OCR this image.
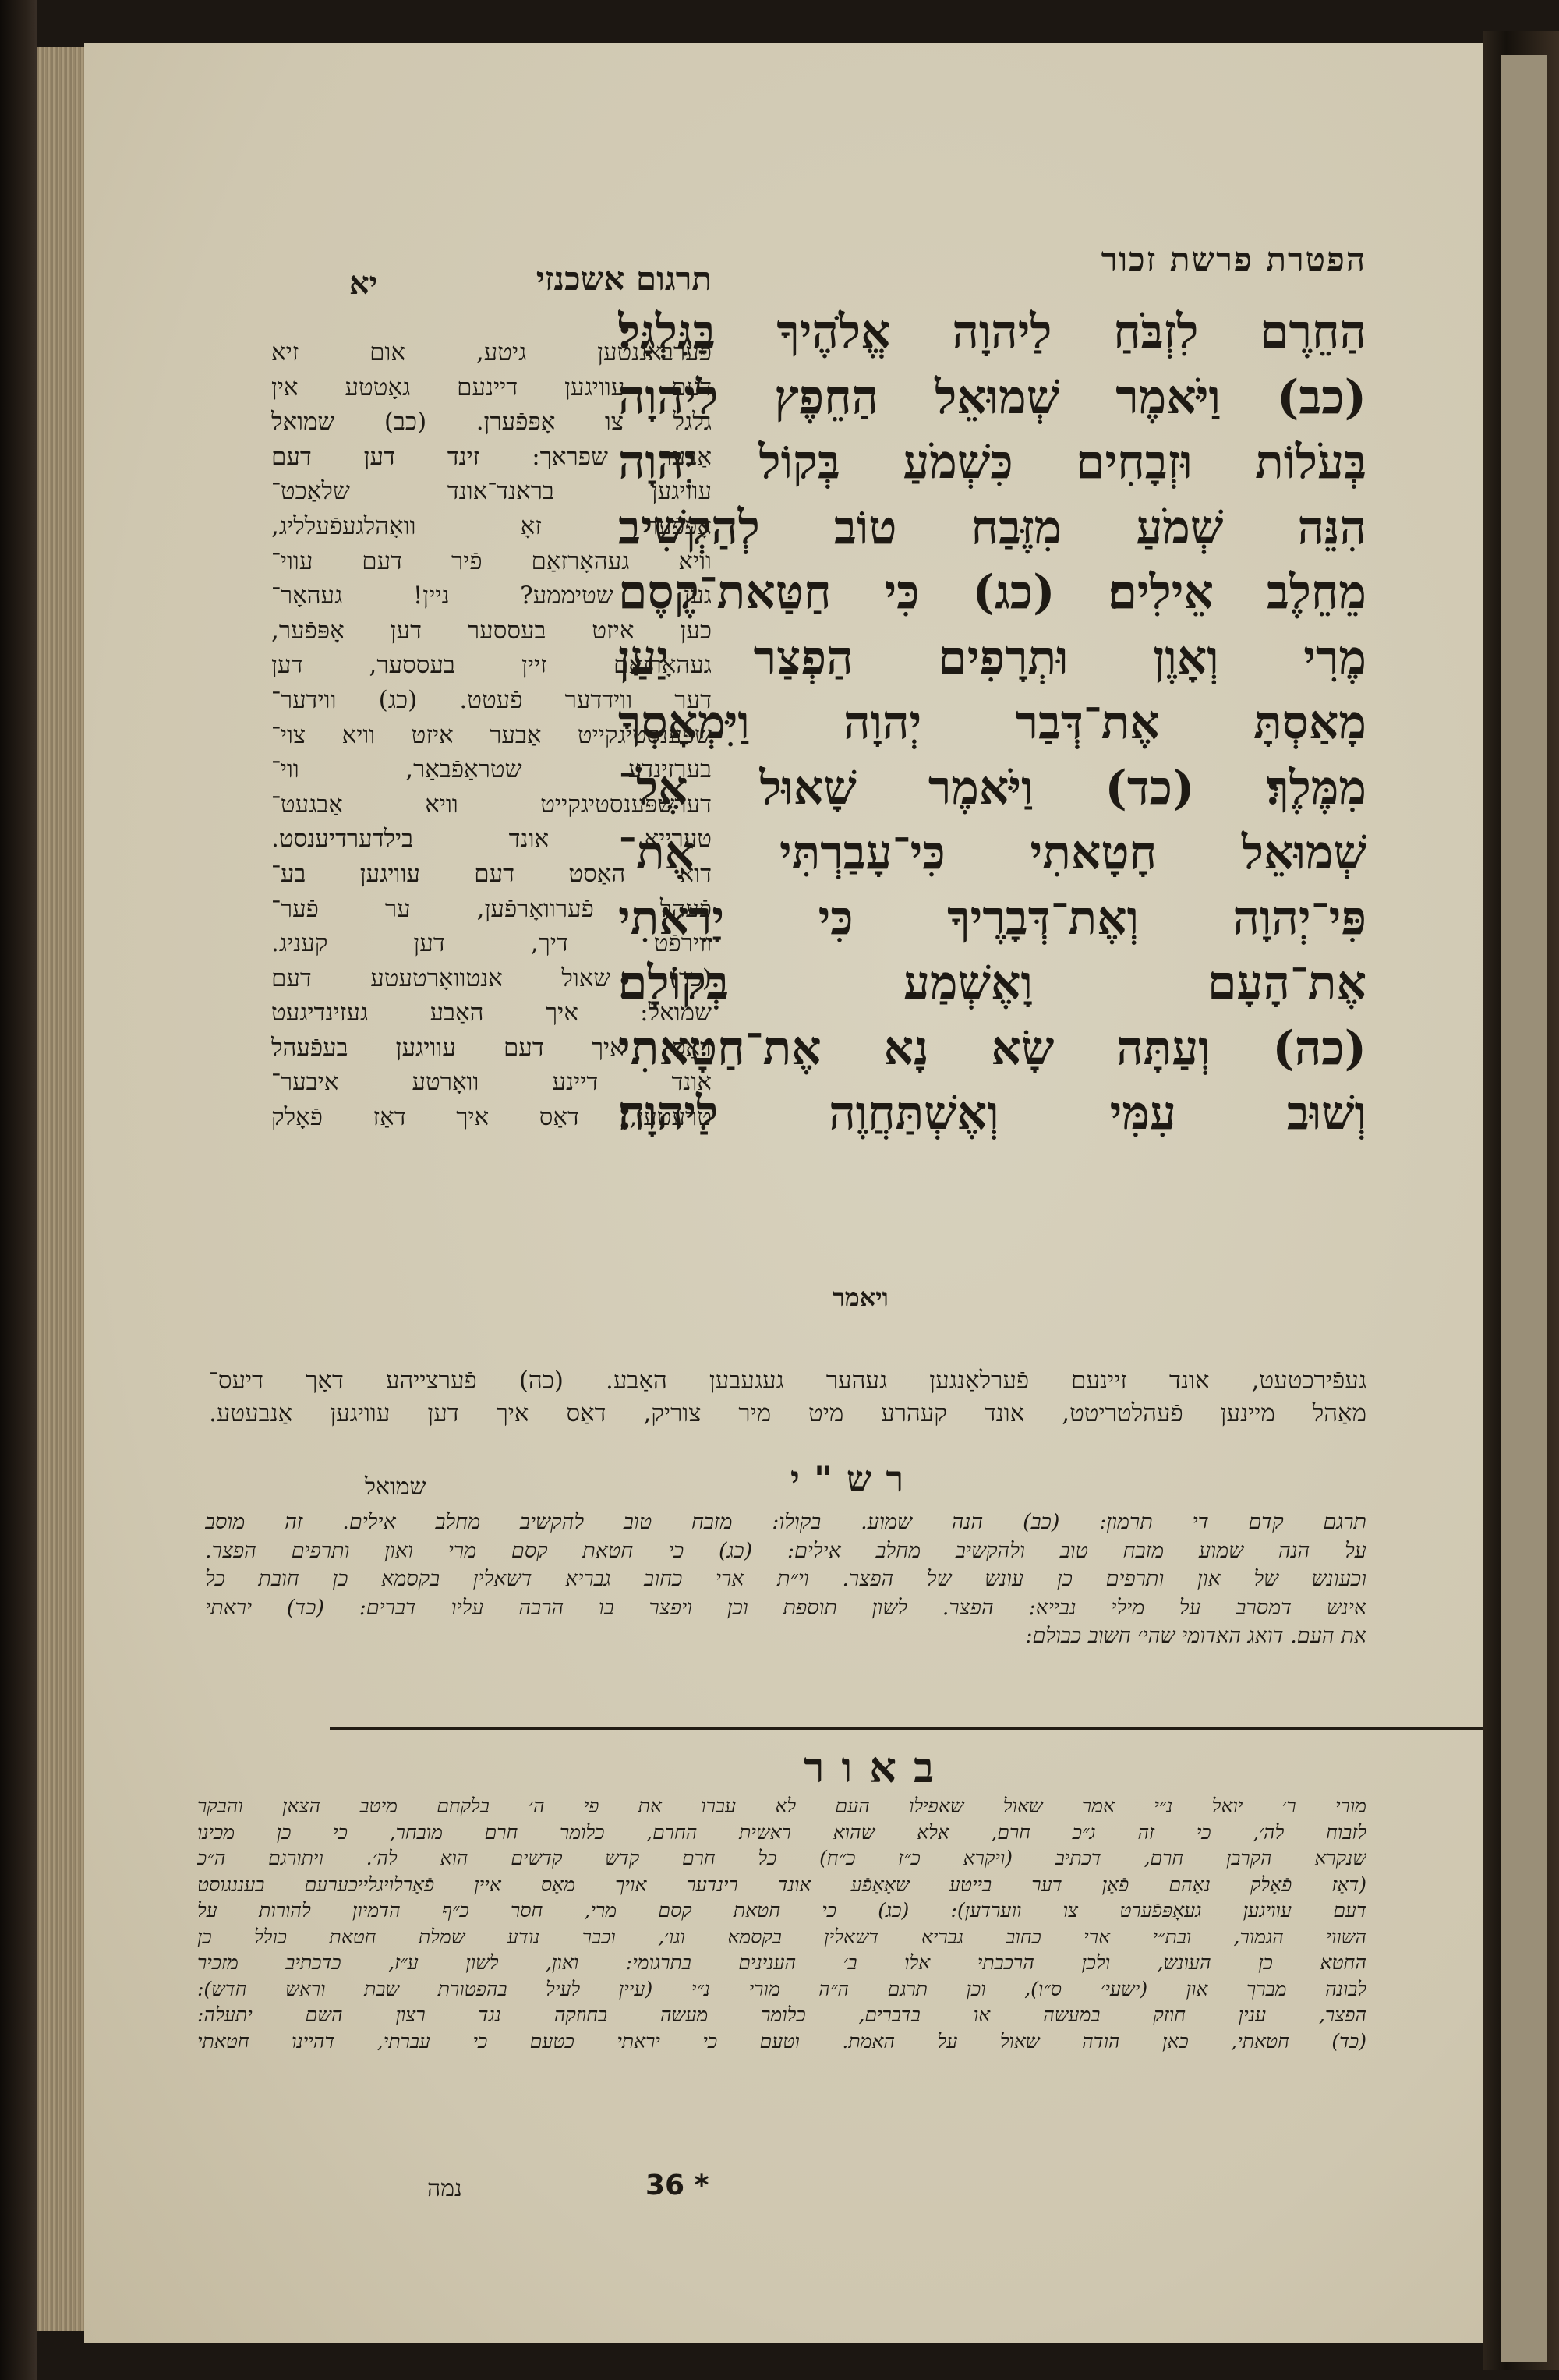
הפטרת פרשת זכור
תרגום אשכנזי
יא
הַחֵרֶם לִזְבֹּחַ לַיהוָה אֱלֹהֶיךָ בַּגִּלְגָּל׃
(כב) וַיֹּאמֶר שְׁמוּאֵל הַחֵפֶץ לַיהוָה
בְּעֹלוֹת וּזְבָחִים כִּשְׁמֹעַ בְּקוֹל יְהוָה
הִנֵּה שְׁמֹעַ מִזֶּבַח טוֹב לְהַקְשִׁיב
מֵחֵלֶב אֵילִים׃ (כג) כִּי חַטַּאת־קֶסֶם
מֶרִי וְאָוֶן וּתְרָפִים הַפְצַר יַעַן
מָאַסְתָּ אֶת־דְּבַר יְהוָה וַיִּמְאָסְךָ
מִמֶּלֶךְ׃ (כד) וַיֹּאמֶר שָׁאוּל אֶל־
שְׁמוּאֵל חָטָאתִי כִּי־עָבַרְתִּי אֶת־
פִּי־יְהוָה וְאֶת־דְּבָרֶיךָ כִּי יָרֵאתִי
אֶת־הָעָם וָאֶשְׁמַע בְּקוֹלָם׃
(כה) וְעַתָּה שָׂא נָא אֶת־חַטָּאתִי
וְשׁוּב עִמִּי וְאֶשְׁתַּחֲוֶה לַיהוָה׃
ויאמר
פֿערבאננטען גיטע, אום זיא
דעם עוויגען דיינעם גאָטטע אין
גלגל צו אָפּפֿערן. (כב) שמואל
אַבער שפראך: זינד דען דעם
עוויגען בראנד־אונד שלאַכט־
אָפּפֿער זאָ וואָהלגעפֿעלליג,
וויא געהאָרזאַם פֿיר דעם עווי־
גען שטיממע? ניין! געהאָר־
כען איזט בעססער דען אָפּפֿער,
געהאָרזאַם זיין בעססער, דען
דער ווידדער פֿעטט. (כג) ווידער־
שפּענסטיגקייט אַבער איזט וויא צוי־
בערזינדע שטראַפֿבאַר, ווי־
דערשפּענסטיגקייט וויא אַבגעט־
טערייא אונד בילדערדיענסט.
דוא האַסט דעם עוויגען בע־
פֿעהל פֿערוואָרפֿען, ער פֿער־
ווירפֿט דיך, דען קעניג.
(כד) שאול אנטוואָרטעטע דעם
שמואל: איך האַבע געזינדיגעט
דאַס איך דעם עוויגען בעפֿעהל
אונד דיינע וואָרטע איבער־
טרעטען, דאַס איך דאַז פֿאָלק
געפֿירכטעט, אונד זיינעם פֿערלאַנגען געהער געגעבען האַבע. (כה) פֿערצייהע דאָך דיעס־
מאַהל מיינען פֿעהלטריטט, אונד קעהרע מיט מיר צוריק, דאַס איך דען עוויגען אַנבעטע.
שמואל	רש"י
תרגם קדם די תרמון: (כב) הנה שמוע. בקולו: מזבח טוב להקשיב מחלב אילים. זה מוסב
על הנה שמוע מזבח טוב ולהקשיב מחלב אילים: (כג) כי חטאת קסם מרי ואון ותרפים הפצר.
וכעונש של און ותרפים כן עונש של הפצר. וי״ת ארי כחוב גבריא דשאלין בקסמא כן חובת כל
אינש דמסרב על מילי נבייא: הפצר. לשון תוספת וכן ויפצר בו הרבה עליו דברים: (כד) יראתי
את העם. דואג האדומי שהי׳ חשוב כבולם:
באור
מורי ר׳ יואל נ״י אמר שאול שאפילו העם לא עברו את פי ה׳ בלקחם מיטב הצאן והבקר
לזבוח לה׳, כי זה ג״כ חרם, אלא שהוא ראשית החרם, כלומר חרם מובחר, כי כן מכינו
שנקרא הקרבן חרם, דכתיב (ויקרא כ״ז כ״ח) כל חרם קדש קדשים הוא לה׳. ויתורגם ה״כ
(דאָז פֿאָלק נאַהם פֿאָן דער בייטע שאָאַפֿע אונד רינדער אויך מאָס איין פֿאָרלויגלייכערעם בעננגוסט
דעם עוויגען געאָפּפֿערט צו ווערדען): (כג) כי חטאת קסם מרי, חסר כ״ף הדמיון להורות על
השווי הגמור, ובת״י ארי כחוב גבריא דשאלין בקסמא וגו׳, וכבר נודע שמלת חטאת כולל כן
החטא כן העונש, ולכן הרכבתי אלו ב׳ הענינים בתרגומי: ואון, לשון ע״ז, כדכתיב מזכיר
לבונה מברך און (ישעי׳ ס״ו), וכן תרגם ה״ה מורי נ״י (עיין לעיל בהפטורת שבת וראש חדש):
הפצר, ענין חוזק במעשה או בדברים, כלומר מעשה בחוזקה נגד רצון השם יתעלה:
(כד) חטאתי, כאן הודה שאול על האמת. וטעם כי יראתי כטעם כי עברתי, דהיינו חטאתי
36 *
נמה
